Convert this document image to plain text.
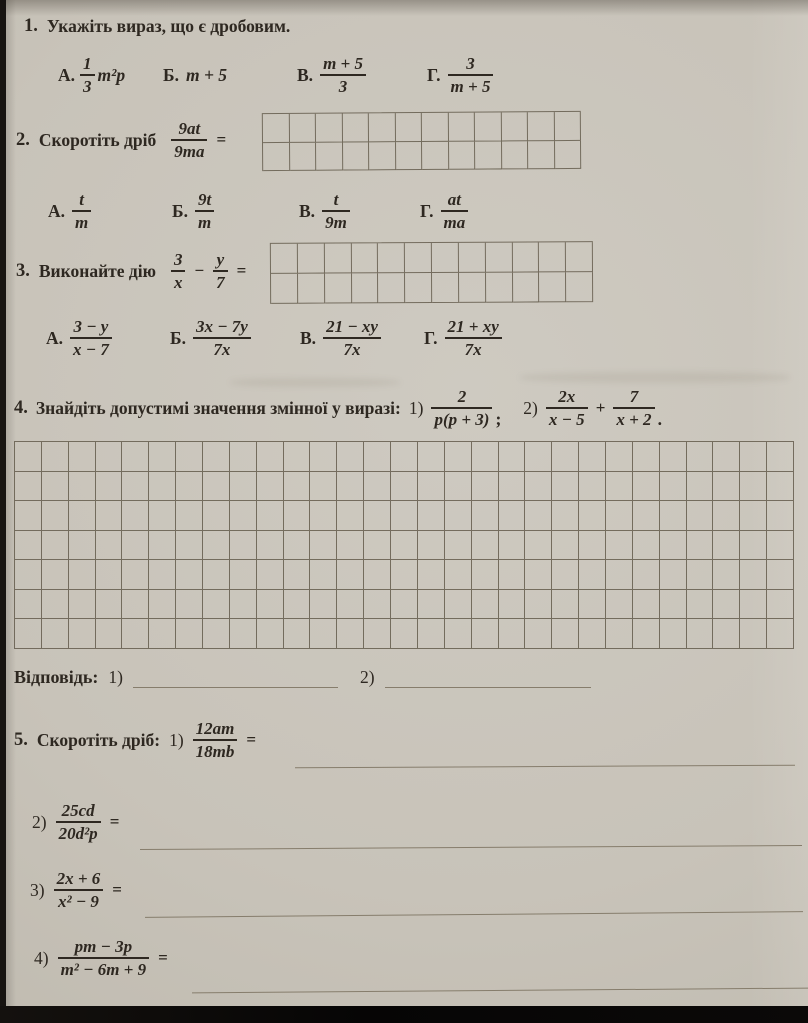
1. Укажіть вираз, що є дробовим.
А. $\frac{1}{3} m^2p$ Б. m + 5	В. $\frac{m + 5}{3}$	Г. $\frac{3}{m + 5}$
2. Скоротіть дріб $\frac{9at}{9ma}$ =
А. $\frac{t}{m}$	Б. $\frac{9t}{m}$	В. $\frac{t}{9m}$	Г. $\frac{at}{ma}$
3. Виконайте дію $\frac{3}{x} - \frac{y}{7}$ =
А. $\frac{3 - y}{x - 7}$	Б. $\frac{3x - 7y}{7x}$	В. $\frac{21 - xy}{7x} Г$. $\frac{21 + xy}{7x}$
4. Знайдіть допустимі значення змінної у виразі: $1) \frac{2}{p(p + 3)}$ ;
$2) \frac{2x}{x - 5} + \frac{7}{x + 2}$ .
Відповідь: 1)	2)
5. Скоротіть дріб: $1) \frac{12am}{18mb}$ =
$2) \frac{25cd}{\text{20d²p}}$ =
$3) \frac{2x + 6}{\text{x² − 9}}$ =
$4) \frac{pm - 3p}{\text{m² − 6m + 9}}$ =
